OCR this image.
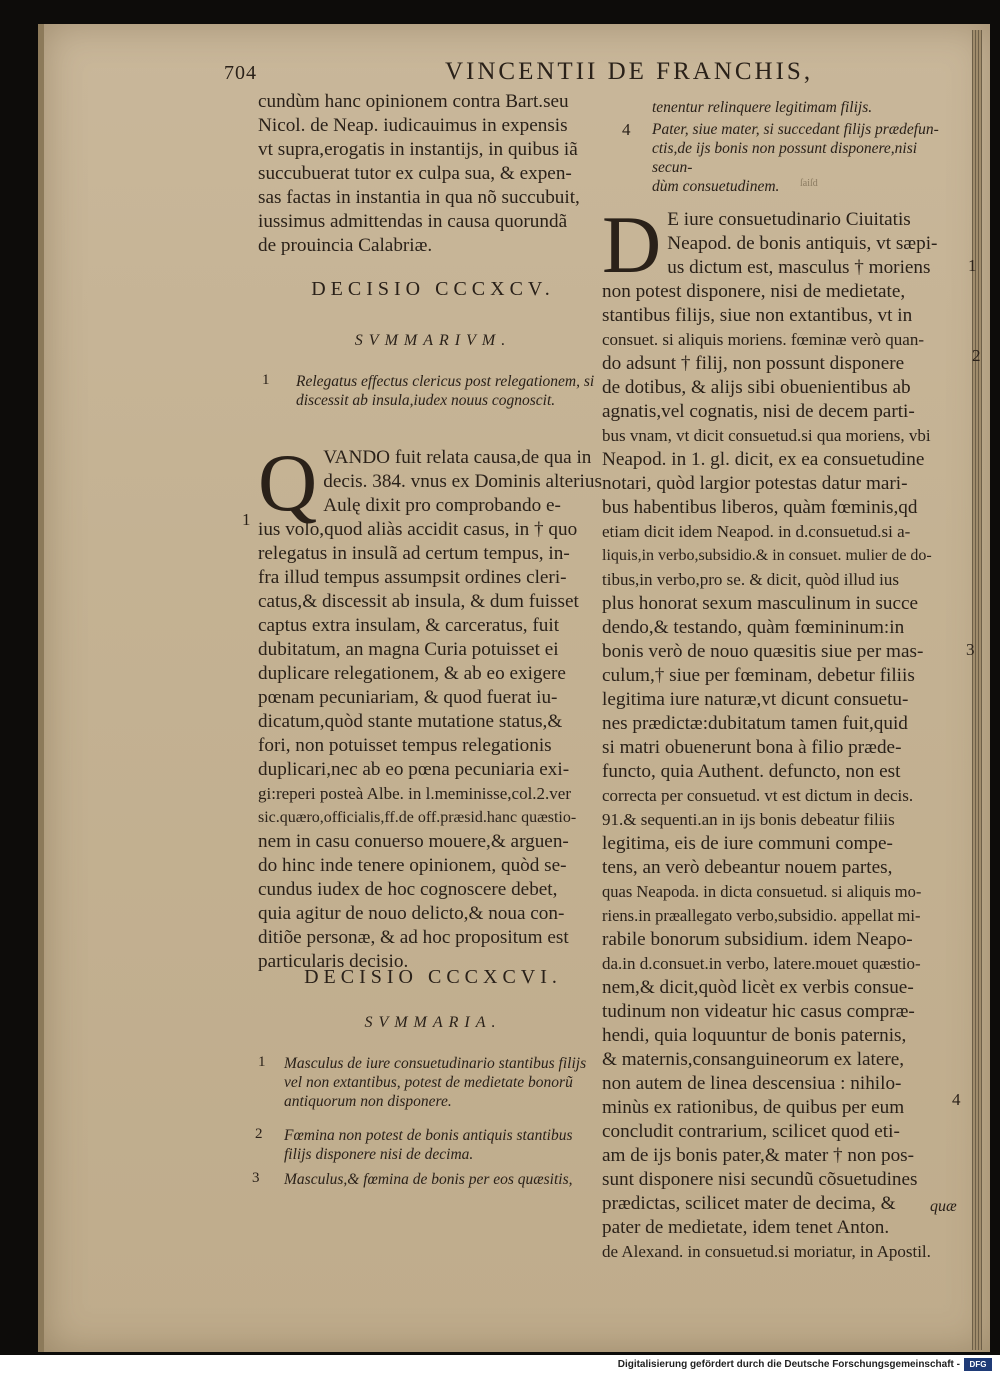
704	VINCENTII DE FRANCHIS,

cundùm hanc opinionem contra Bart.seu

Nicol. de Neap. iudicauimus in expensis

vt supra,erogatis in instantijs, in quibus iã

succubuerat tutor ex culpa sua, & expen-

sas factas in instantia in qua nõ succubuit,

iussimus admittendas in causa quorundã

de prouincia Calabriæ.

DECISIO CCCXCV.
SVMMARIVM.
1 Relegatus effectus clericus post relegationem, si
discessit ab insula,iudex nouus cognoscit.
Q VANDO fuit relata causa,de qua in

decis. 384. vnus ex Dominis alterius

Aulę dixit pro comprobando e-

ius volo,quod aliàs accidit casus, in † quo

relegatus in insulã ad certum tempus, in-

fra illud tempus assumpsit ordines cleri-

catus,& discessit ab insula, & dum fuisset

captus extra insulam, & carceratus, fuit

dubitatum, an magna Curia potuisset ei

duplicare relegationem, & ab eo exigere

pœnam pecuniariam, & quod fuerat iu-

dicatum,quòd stante mutatione status,&

fori, non potuisset tempus relegationis

duplicari,nec ab eo pœna pecuniaria exi-

gi:reperi posteà Albe. in l.meminisse,col.2.ver

sic.quæro,officialis,ff.de off.præsid.hanc quæstio-

nem in casu conuerso mouere,& arguen-

do hinc inde tenere opinionem, quòd se-

cundus iudex de hoc cognoscere debet,

quia agitur de nouo delicto,& noua con-

ditiõe personæ, & ad hoc propositum est

particularis decisio.

1
DECISIO CCCXCVI.
SVMMARIA.
1 Masculus de iure consuetudinario stantibus filijs
vel non extantibus, potest de medietate bonorũ
antiquorum non disponere.
2 Fœmina non potest de bonis antiquis stantibus
filijs disponere nisi de decima.
3 Masculus,& fœmina de bonis per eos quæsitis,
tenentur relinquere legitimam filijs.
4 Pater, siue mater, si succedant filijs prædefun-
ctis,de ijs bonis non possunt disponere,nisi secun-
dùm consuetudinem.	ſaiſd
D E iure consuetudinario Ciuitatis

Neapod. de bonis antiquis, vt sæpi-

us dictum est, masculus † moriens

non potest disponere, nisi de medietate,

stantibus filijs, siue non extantibus, vt in

consuet. si aliquis moriens. fœminæ verò quan-

do adsunt † filij, non possunt disponere

de dotibus, & alijs sibi obuenientibus ab

agnatis,vel cognatis, nisi de decem parti-

bus vnam, vt dicit consuetud.si qua moriens, vbi

Neapod. in 1. gl. dicit, ex ea consuetudine

notari, quòd largior potestas datur mari-

bus habentibus liberos, quàm fœminis,qd

etiam dicit idem Neapod. in d.consuetud.si a-

liquis,in verbo,subsidio.& in consuet. mulier de do-

tibus,in verbo,pro se. & dicit, quòd illud ius

plus honorat sexum masculinum in succe

dendo,& testando, quàm fœmininum:in

bonis verò de nouo quæsitis siue per mas-

culum,† siue per fœminam, debetur filiis

legitima iure naturæ,vt dicunt consuetu-

nes prædictæ:dubitatum tamen fuit,quid

si matri obuenerunt bona à filio præde-

functo, quia Authent. defuncto, non est

correcta per consuetud. vt est dictum in decis.

91.& sequenti.an in ijs bonis debeatur filiis

legitima, eis de iure communi compe-

tens, an verò debeantur nouem partes,

quas Neapoda. in dicta consuetud. si aliquis mo-

riens.in præallegato verbo,subsidio. appellat mi-

rabile bonorum subsidium. idem Neapo-

da.in d.consuet.in verbo, latere.mouet quæstio-

nem,& dicit,quòd licèt ex verbis consue-

tudinum non videatur hic casus compræ-

hendi, quia loquuntur de bonis paternis,

& maternis,consanguineorum ex latere,

non autem de linea descensiua : nihilo-

minùs ex rationibus, de quibus per eum

concludit contrarium, scilicet quod eti-

am de ijs bonis pater,& mater † non pos-

sunt disponere nisi secundũ cõsuetudines

prædictas, scilicet mater de decima, &

pater de medietate, idem tenet Anton.

de Alexand. in consuetud.si moriatur, in Apostil.

1
2
3
4
quæ
Digitalisierung gefördert durch die Deutsche Forschungsgemeinschaft -	DFG
